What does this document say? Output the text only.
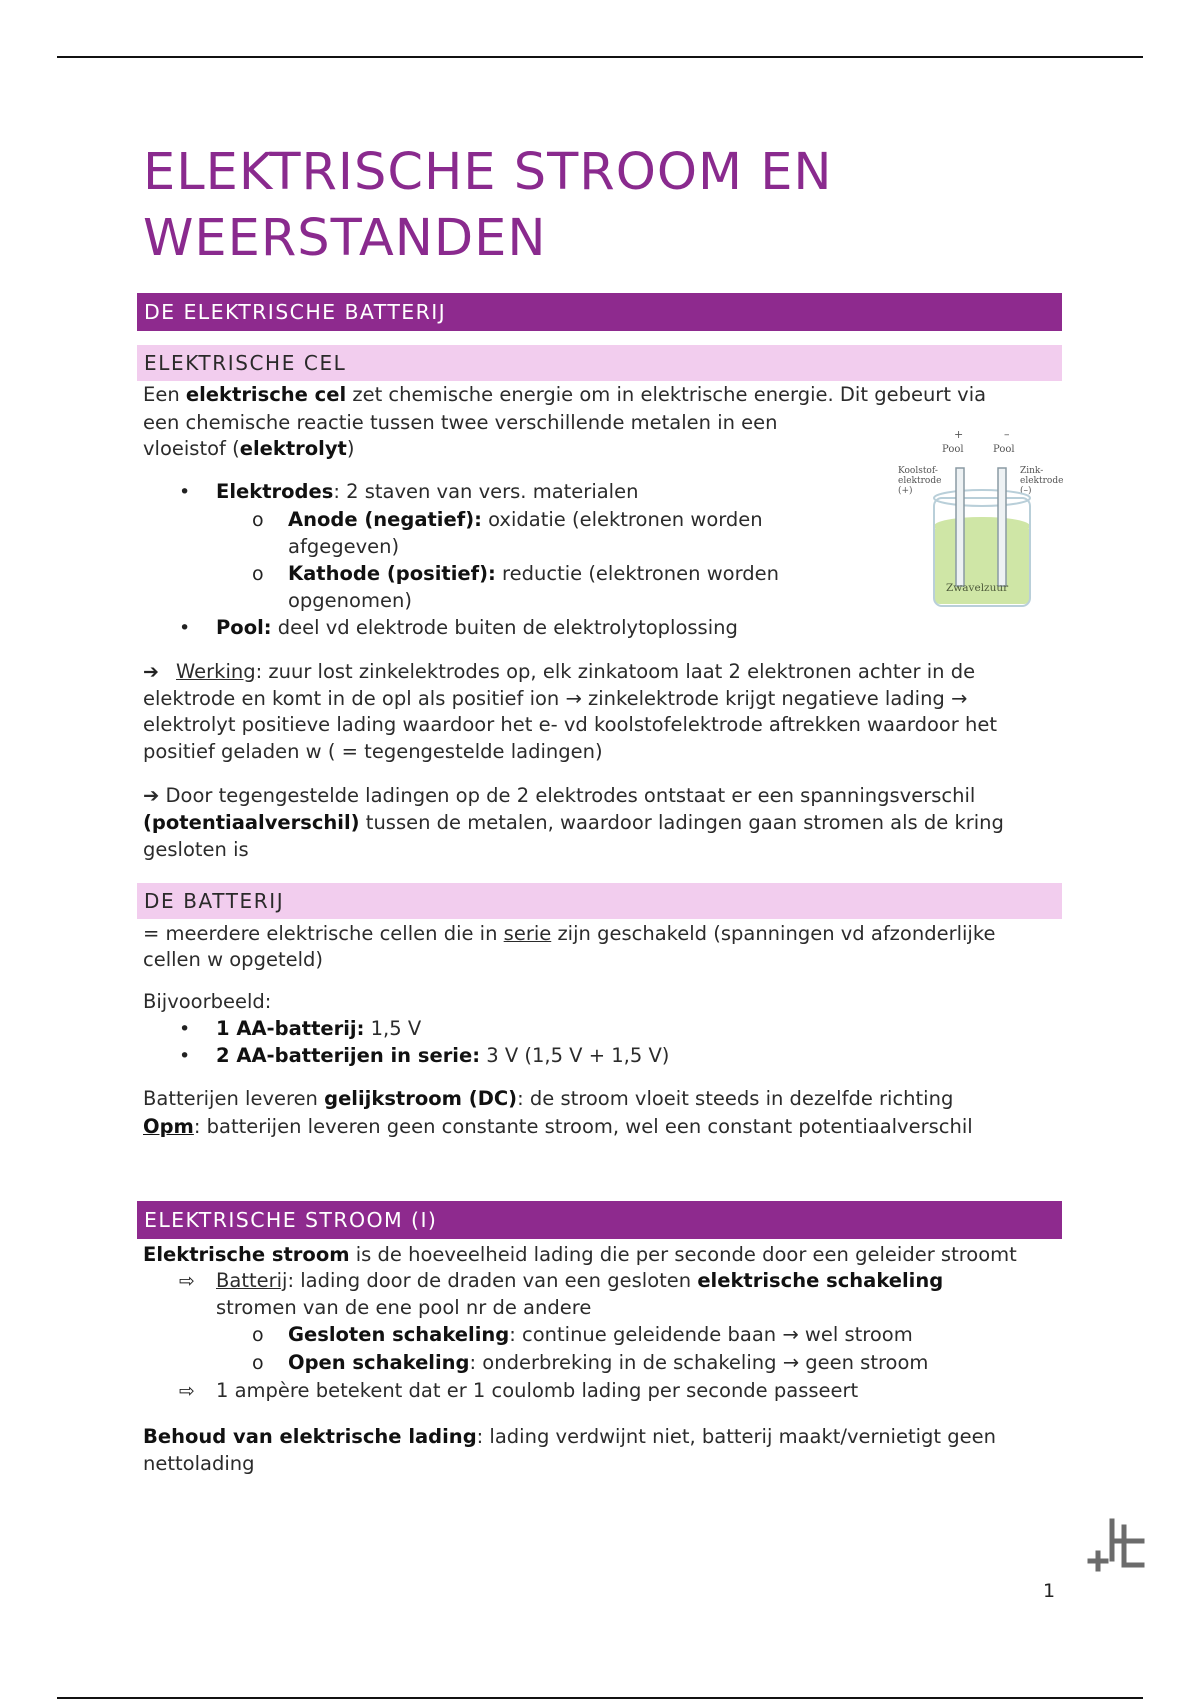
ELEKTRISCHE STROOM EN
WEERSTANDEN
DE ELEKTRISCHE BATTERIJ
ELEKTRISCHE CEL

Een elektrische cel zet chemische energie om in elektrische energie. Dit gebeurt via

een chemische reactie tussen twee verschillende metalen in een

vloeistof (elektrolyt)

• Elektrodes: 2 staven van vers. materialen
o Anode (negatief): oxidatie (elektronen worden
afgegeven)
o Kathode (positief): reductie (elektronen worden
opgenomen)
• Pool: deel vd elektrode buiten de elektrolytoplossing
+	–
Pool	Pool
Koolstof-
elektrode
(+)
Zink-
elektrode
(–)
Zwavelzuur
➔ Werking: zuur lost zinkelektrodes op, elk zinkatoom laat 2 elektronen achter in de

elektrode en komt in de opl als positief ion → zinkelektrode krijgt negatieve lading →

elektrolyt positieve lading waardoor het e- vd koolstofelektrode aftrekken waardoor het

positief geladen w ( = tegengestelde ladingen)

➔ Door tegengestelde ladingen op de 2 elektrodes ontstaat er een spanningsverschil

(potentiaalverschil) tussen de metalen, waardoor ladingen gaan stromen als de kring

gesloten is

DE BATTERIJ

= meerdere elektrische cellen die in serie zijn geschakeld (spanningen vd afzonderlijke

cellen w opgeteld)

Bijvoorbeeld:

• 1 AA-batterij: 1,5 V
• 2 AA-batterijen in serie: 3 V (1,5 V + 1,5 V)

Batterijen leveren gelijkstroom (DC): de stroom vloeit steeds in dezelfde richting

Opm: batterijen leveren geen constante stroom, wel een constant potentiaalverschil

ELEKTRISCHE STROOM (I)

Elektrische stroom is de hoeveelheid lading die per seconde door een geleider stroomt

⇨ Batterij: lading door de draden van een gesloten elektrische schakeling
stromen van de ene pool nr de andere
o Gesloten schakeling: continue geleidende baan → wel stroom
o Open schakeling: onderbreking in de schakeling → geen stroom
⇨ 1 ampère betekent dat er 1 coulomb lading per seconde passeert

Behoud van elektrische lading: lading verdwijnt niet, batterij maakt/vernietigt geen

nettolading

1
